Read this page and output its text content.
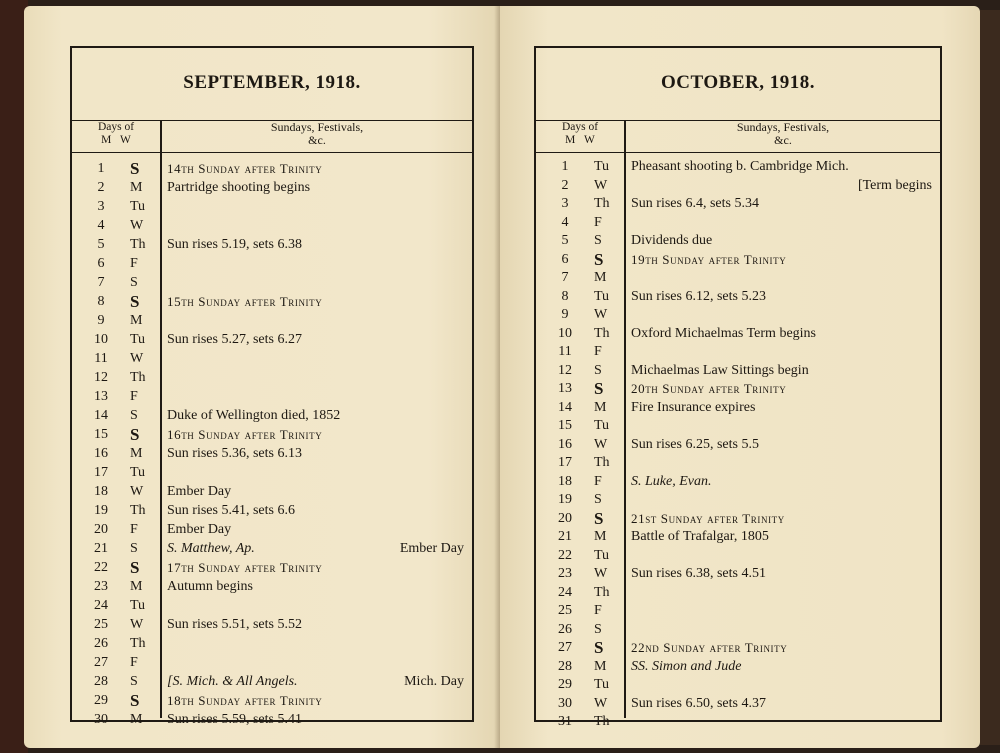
SEPTEMBER, 1918.
Days of
M W
Sundays, Festivals,
&c.
1	S	14th Sunday after Trinity
2	M	Partridge shooting begins
3	Tu
4	W
5	Th	Sun rises 5.19, sets 6.38
6	F
7	S
8	S	15th Sunday after Trinity
9	M
10	Tu	Sun rises 5.27, sets 6.27
11	W
12	Th
13	F
14	S	Duke of Wellington died, 1852
15	S	16th Sunday after Trinity
16	M	Sun rises 5.36, sets 6.13
17	Tu
18	W	Ember Day
19	Th	Sun rises 5.41, sets 6.6
20	F	Ember Day
21	S	S. Matthew, Ap.	Ember Day
22	S	17th Sunday after Trinity
23	M	Autumn begins
24	Tu
25	W	Sun rises 5.51, sets 5.52
26	Th
27	F
28	S	[S. Mich. & All Angels.	Mich. Day
29	S	18th Sunday after Trinity
30	M	Sun rises 5.59, sets 5.41
OCTOBER, 1918.
Days of
M W
Sundays, Festivals,
&c.
1	Tu	Pheasant shooting b. Cambridge Mich.
2	W	[Term begins
3	Th	Sun rises 6.4, sets 5.34
4	F
5	S	Dividends due
6	S	19th Sunday after Trinity
7	M
8	Tu	Sun rises 6.12, sets 5.23
9	W
10	Th	Oxford Michaelmas Term begins
11	F
12	S	Michaelmas Law Sittings begin
13	S	20th Sunday after Trinity
14	M	Fire Insurance expires
15	Tu
16	W	Sun rises 6.25, sets 5.5
17	Th
18	F	S. Luke, Evan.
19	S
20	S	21st Sunday after Trinity
21	M	Battle of Trafalgar, 1805
22	Tu
23	W	Sun rises 6.38, sets 4.51
24	Th
25	F
26	S
27	S	22nd Sunday after Trinity
28	M	SS. Simon and Jude
29	Tu
30	W	Sun rises 6.50, sets 4.37
31	Th
